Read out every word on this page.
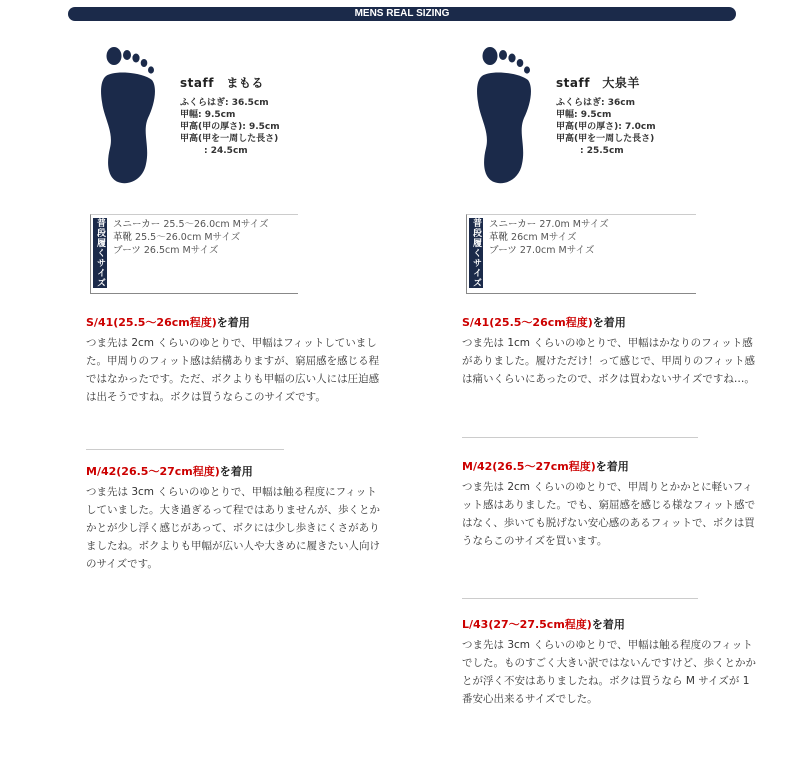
MENS REAL SIZING
staff　まもる
ふくらはぎ: 36.5cm
甲幅: 9.5cm
甲高(甲の厚さ): 9.5cm
甲高(甲を一周した長さ)
: 24.5cm
普段履くサイズ スニーカー 25.5～26.0cm Mサイズ
革靴 25.5～26.0cm Mサイズ
ブーツ 26.5cm Mサイズ
S/41(25.5～26cm程度)を着用
つま先は 2cm くらいのゆとりで、甲幅はフィットしていました。甲周りのフィット感は結構ありますが、窮屈感を感じる程ではなかったです。ただ、ボクよりも甲幅の広い人には圧迫感は出そうですね。ボクは買うならこのサイズです。
M/42(26.5～27cm程度)を着用
つま先は 3cm くらいのゆとりで、甲幅は触る程度にフィットしていました。大き過ぎるって程ではありませんが、歩くとかかとが少し浮く感じがあって、ボクには少し歩きにくさがありましたね。ボクよりも甲幅が広い人や大きめに履きたい人向けのサイズです。
staff　大泉羊
ふくらはぎ: 36cm
甲幅: 9.5cm
甲高(甲の厚さ): 7.0cm
甲高(甲を一周した長さ)
: 25.5cm
普段履くサイズ スニーカー 27.0m Mサイズ
革靴 26cm Mサイズ
ブーツ 27.0cm Mサイズ
S/41(25.5～26cm程度)を着用
つま先は 1cm くらいのゆとりで、甲幅はかなりのフィット感がありました。履けただけ！って感じで、甲周りのフィット感は痛いくらいにあったので、ボクは買わないサイズですね…。
M/42(26.5～27cm程度)を着用
つま先は 2cm くらいのゆとりで、甲周りとかかとに軽いフィット感はありました。でも、窮屈感を感じる様なフィット感ではなく、歩いても脱げない安心感のあるフィットで、ボクは買うならこのサイズを買います。
L/43(27～27.5cm程度)を着用
つま先は 3cm くらいのゆとりで、甲幅は触る程度のフィットでした。ものすごく大きい訳ではないんですけど、歩くとかかとが浮く不安はありましたね。ボクは買うなら M サイズが 1 番安心出来るサイズでした。
